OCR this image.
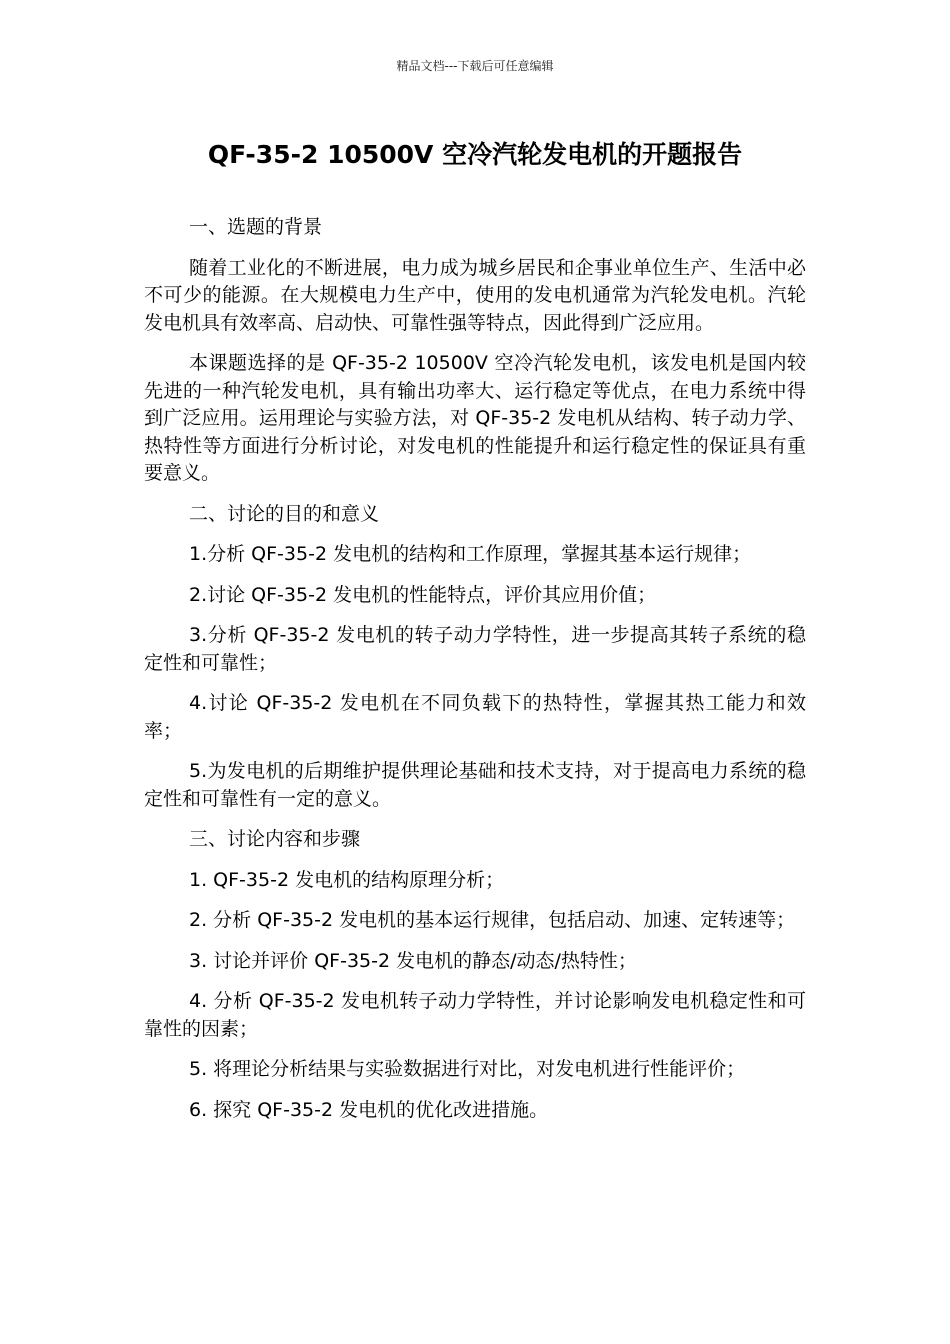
精品文档---下载后可任意编辑
QF-35-2 10500V 空冷汽轮发电机的开题报告

一、选题的背景

随着工业化的不断进展，电力成为城乡居民和企事业单位生产、生活中必不可少的能源。在大规模电力生产中，使用的发电机通常为汽轮发电机。汽轮发电机具有效率高、启动快、可靠性强等特点，因此得到广泛应用。

本课题选择的是 QF-35-2 10500V 空冷汽轮发电机，该发电机是国内较先进的一种汽轮发电机，具有输出功率大、运行稳定等优点，在电力系统中得到广泛应用。运用理论与实验方法，对 QF-35-2 发电机从结构、转子动力学、热特性等方面进行分析讨论，对发电机的性能提升和运行稳定性的保证具有重要意义。

二、讨论的目的和意义

1.分析 QF-35-2 发电机的结构和工作原理，掌握其基本运行规律；

2.讨论 QF-35-2 发电机的性能特点，评价其应用价值；

3.分析 QF-35-2 发电机的转子动力学特性，进一步提高其转子系统的稳定性和可靠性；

4.讨论 QF-35-2 发电机在不同负载下的热特性，掌握其热工能力和效率；

5.为发电机的后期维护提供理论基础和技术支持，对于提高电力系统的稳定性和可靠性有一定的意义。

三、讨论内容和步骤

1. QF-35-2 发电机的结构原理分析；

2. 分析 QF-35-2 发电机的基本运行规律，包括启动、加速、定转速等；

3. 讨论并评价 QF-35-2 发电机的静态/动态/热特性；

4. 分析 QF-35-2 发电机转子动力学特性，并讨论影响发电机稳定性和可靠性的因素；

5. 将理论分析结果与实验数据进行对比，对发电机进行性能评价；

6. 探究 QF-35-2 发电机的优化改进措施。
